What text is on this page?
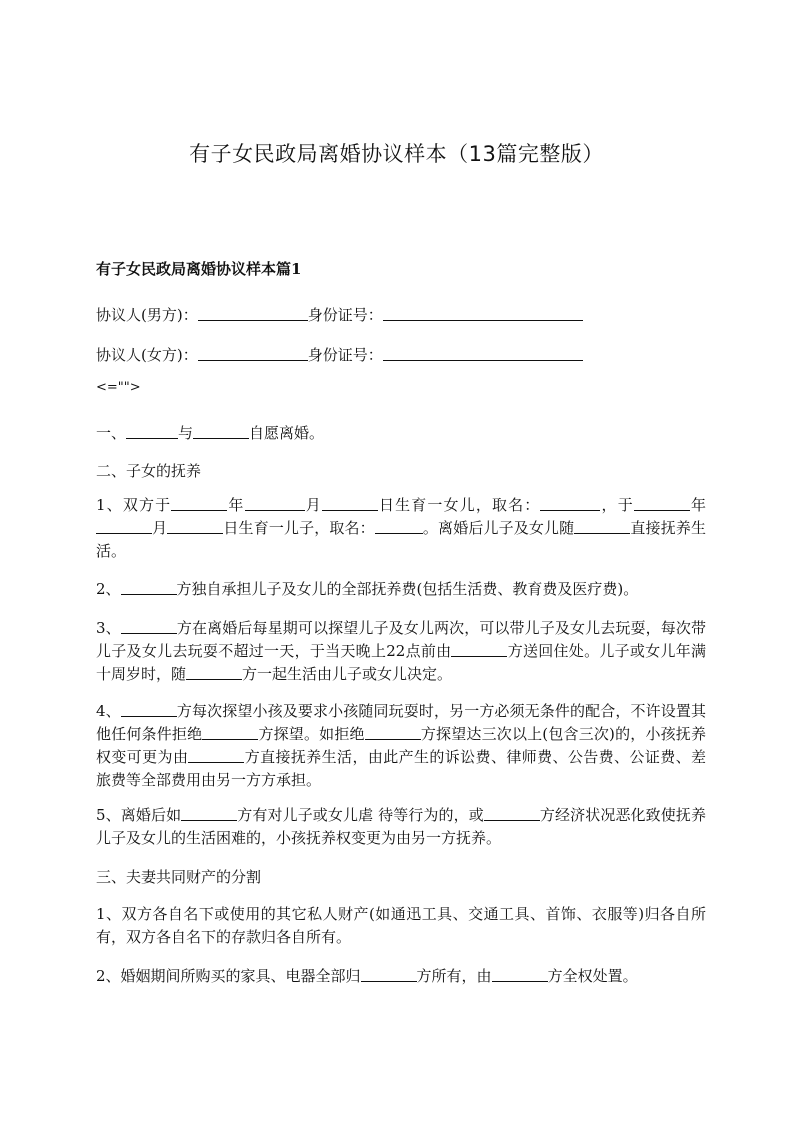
有子女民政局离婚协议样本（13篇完整版）
有子女民政局离婚协议样本篇1
协议人(男方)：	身份证号：
协议人(女方)：	身份证号：
<="">
一、	与	自愿离婚。
二、子女的抚养
1、双方于	年	月	日生育一女儿，取名：	，于	年月	日生育一儿子，取名：	。离婚后儿子及女儿随	直接抚养生活。
2、	方独自承担儿子及女儿的全部抚养费(包括生活费、教育费及医疗费)。
3、	方在离婚后每星期可以探望儿子及女儿两次，可以带儿子及女儿去玩耍，每次带儿子及女儿去玩耍不超过一天，于当天晚上22点前由	方送回住处。儿子或女儿年满十周岁时，随	方一起生活由儿子或女儿决定。
4、	方每次探望小孩及要求小孩随同玩耍时，另一方必须无条件的配合，不许设置其他任何条件拒绝	方探望。如拒绝	方探望达三次以上(包含三次)的，小孩抚养权变可更为由	方直接抚养生活，由此产生的诉讼费、律师费、公告费、公证费、差旅费等全部费用由另一方方承担。
5、离婚后如	方有对儿子或女儿虐 待等行为的，或	方经济状况恶化致使抚养儿子及女儿的生活困难的，小孩抚养权变更为由另一方抚养。
三、夫妻共同财产的分割
1、双方各自名下或使用的其它私人财产(如通迅工具、交通工具、首饰、衣服等)归各自所有，双方各自名下的存款归各自所有。
2、婚姻期间所购买的家具、电器全部归	方所有，由	方全权处置。
